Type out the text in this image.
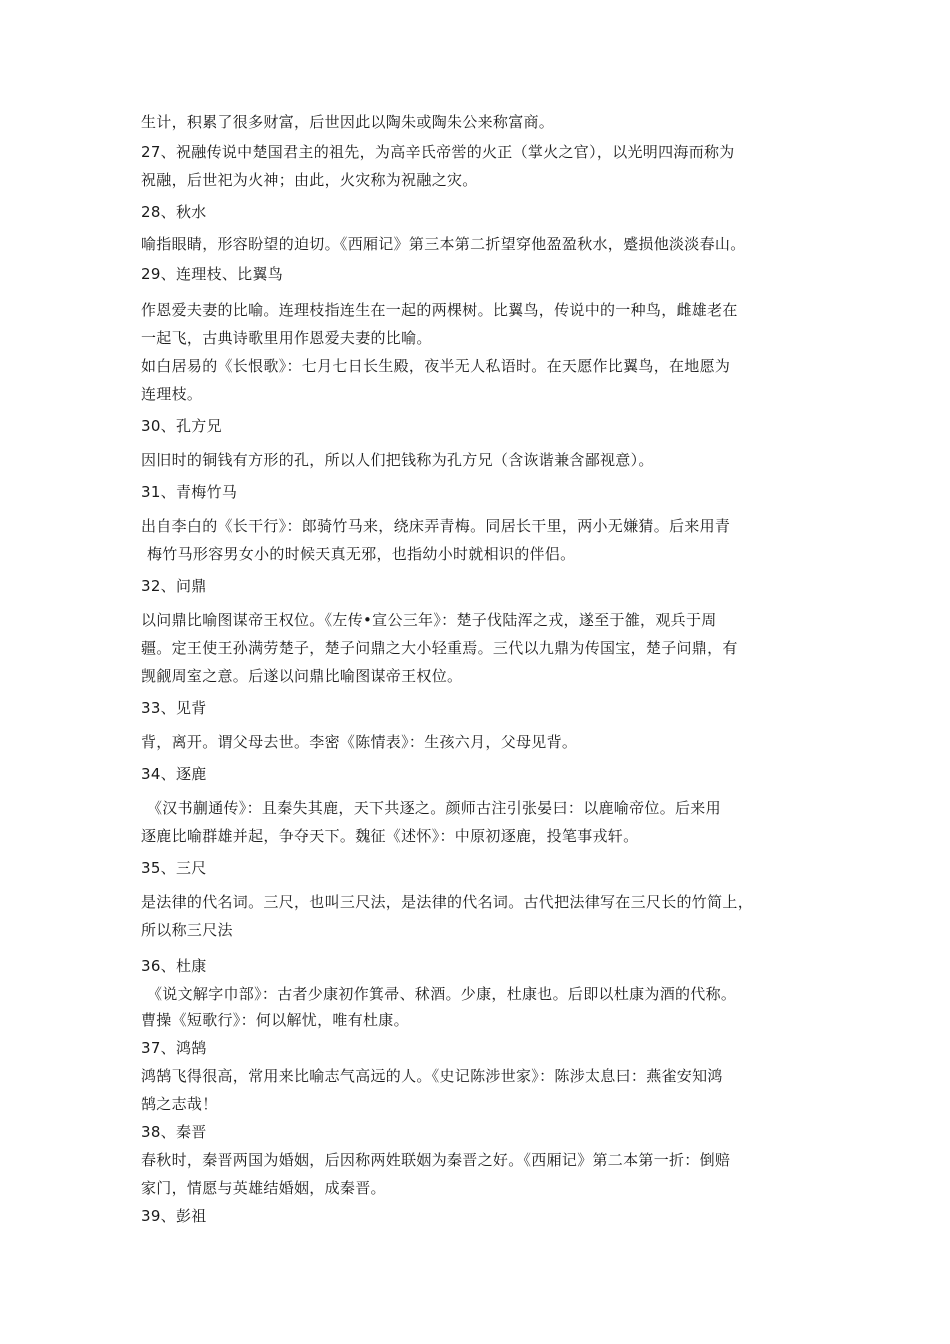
生计，积累了很多财富，后世因此以陶朱或陶朱公来称富商。
27、祝融传说中楚国君主的祖先，为高辛氏帝喾的火正（掌火之官），以光明四海而称为
祝融，后世祀为火神；由此，火灾称为祝融之灾。
28、秋水
喻指眼睛，形容盼望的迫切。《西厢记》第三本第二折望穿他盈盈秋水，蹙损他淡淡春山。
29、连理枝、比翼鸟
作恩爱夫妻的比喻。连理枝指连生在一起的两棵树。比翼鸟，传说中的一种鸟，雌雄老在
一起飞，古典诗歌里用作恩爱夫妻的比喻。
如白居易的《长恨歌》：七月七日长生殿，夜半无人私语时。在天愿作比翼鸟，在地愿为
连理枝。
30、孔方兄
因旧时的铜钱有方形的孔，所以人们把钱称为孔方兄（含诙谐兼含鄙视意）。
31、青梅竹马
出自李白的《长干行》：郎骑竹马来，绕床弄青梅。同居长干里，两小无嫌猜。后来用青
梅竹马形容男女小的时候天真无邪，也指幼小时就相识的伴侣。
32、问鼎
以问鼎比喻图谋帝王权位。《左传•宣公三年》：楚子伐陆浑之戎，遂至于雒，观兵于周
疆。定王使王孙满劳楚子，楚子问鼎之大小轻重焉。三代以九鼎为传国宝，楚子问鼎，有
觊觎周室之意。后遂以问鼎比喻图谋帝王权位。
33、见背
背，离开。谓父母去世。李密《陈情表》：生孩六月，父母见背。
34、逐鹿
《汉书蒯通传》：且秦失其鹿，天下共逐之。颜师古注引张晏曰：以鹿喻帝位。后来用
逐鹿比喻群雄并起，争夺天下。魏征《述怀》：中原初逐鹿，投笔事戎轩。
35、三尺
是法律的代名词。三尺，也叫三尺法，是法律的代名词。古代把法律写在三尺长的竹简上，
所以称三尺法
36、杜康
《说文解字巾部》：古者少康初作箕帚、秫酒。少康，杜康也。后即以杜康为酒的代称。
曹操《短歌行》：何以解忧，唯有杜康。
37、鸿鹄
鸿鹄飞得很高，常用来比喻志气高远的人。《史记陈涉世家》：陈涉太息曰：燕雀安知鸿
鹄之志哉！
38、秦晋
春秋时，秦晋两国为婚姻，后因称两姓联姻为秦晋之好。《西厢记》第二本第一折：倒赔
家门，情愿与英雄结婚姻，成秦晋。
39、彭祖
